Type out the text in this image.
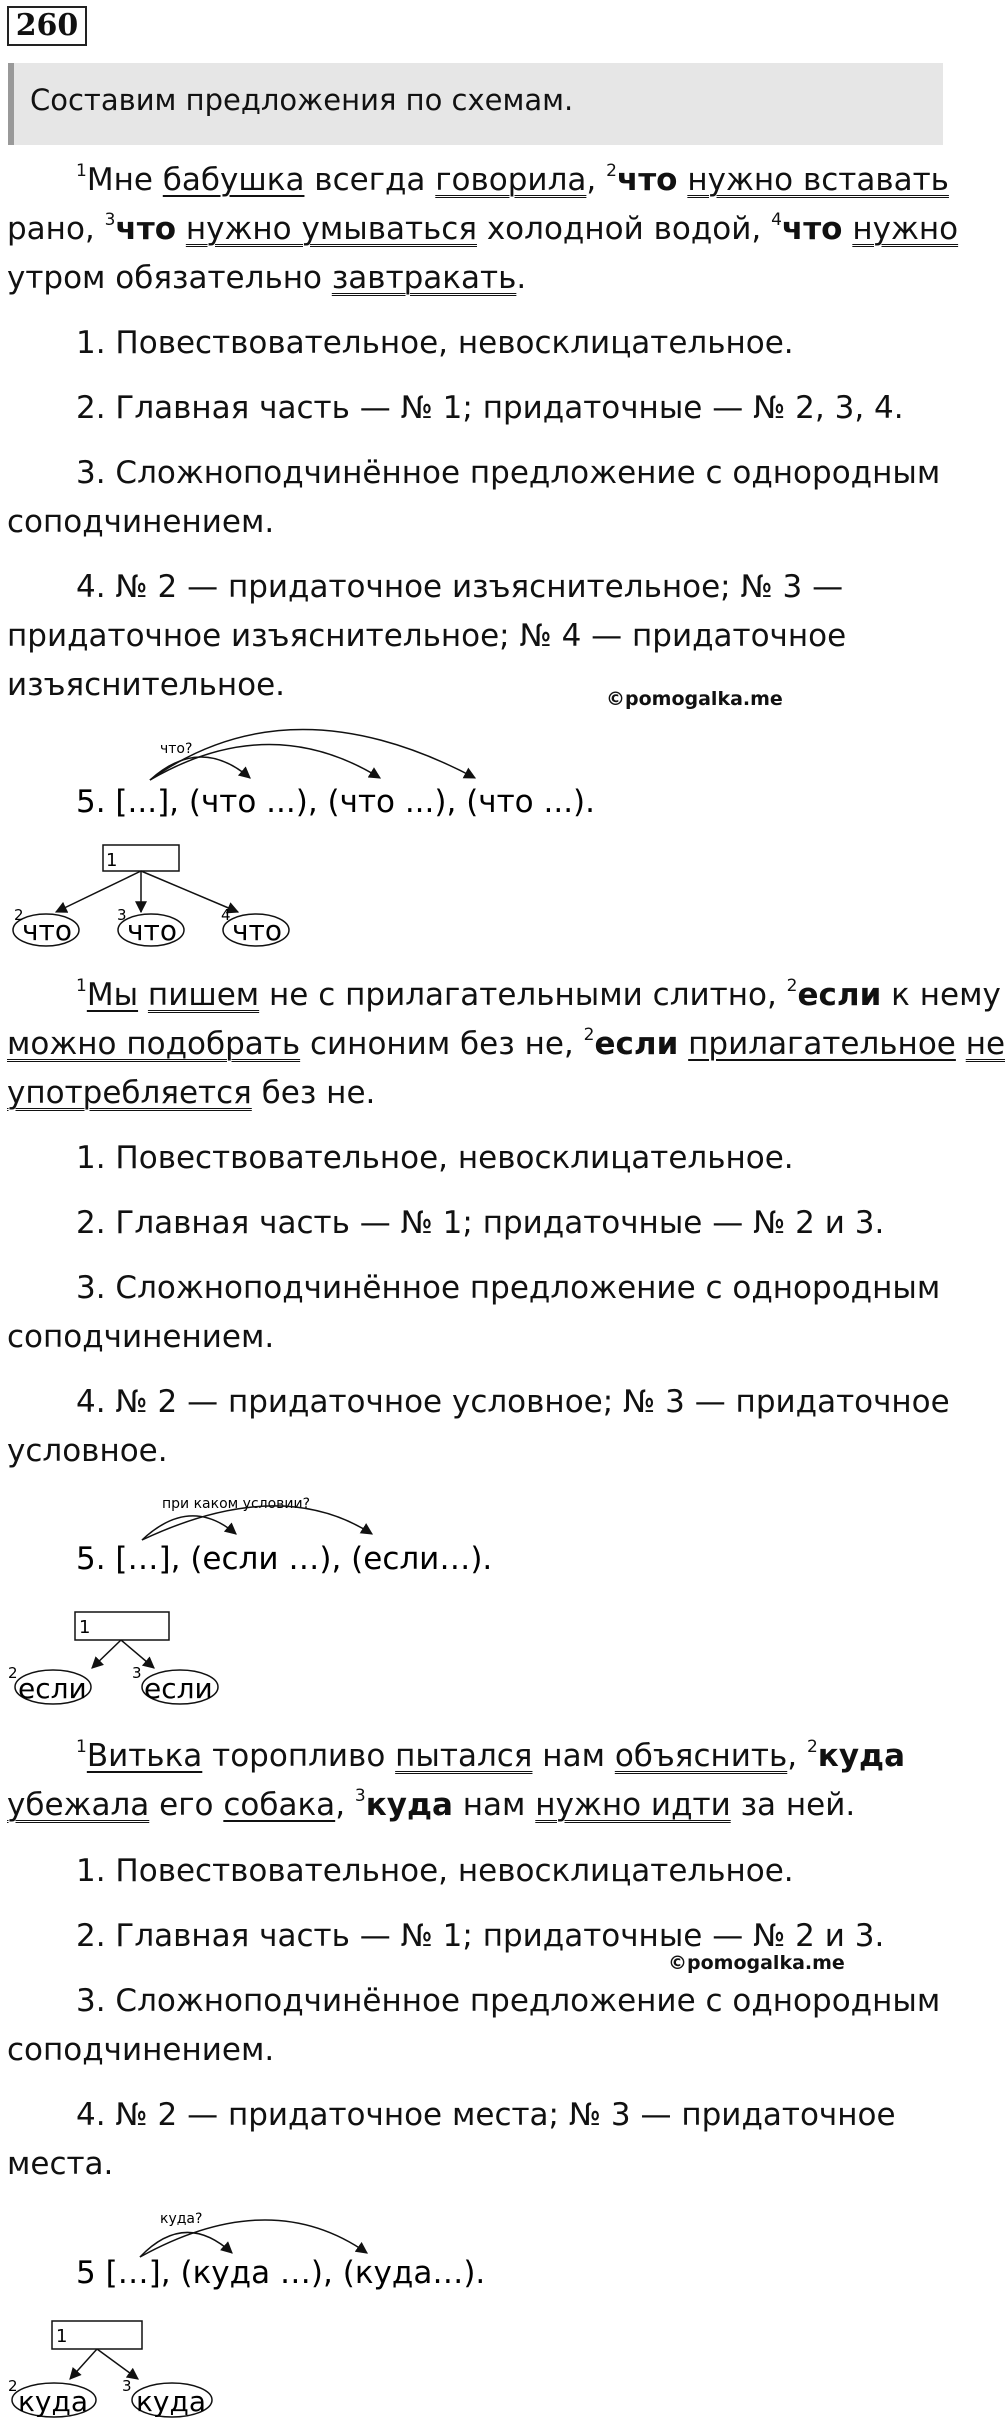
260
Составим предложения по схемам.
$^1$Мне бабушка всегда говорила, $^2$что нужно вставать
рано, $^3$что нужно умываться холодной водой, $^4$что нужно
утром обязательно завтракать.
1. Повествовательное, невосклицательное.
2. Главная часть — № 1; придаточные — № 2, 3, 4.
3. Сложноподчинённое предложение с однородным
соподчинением.
4. № 2 — придаточное изъяснительное; № 3 —
придаточное изъяснительное; № 4 — придаточное
изъяснительное.	©pomogalka.me
что?
5. [...], (что ...), (что ...), (что ...).
1
2
что	3 что	4 что
$^1$Мы пишем не с прилагательными слитно, $^2$если к нему
можно подобрать синоним без не, $^2$если прилагательное не
употребляется без не.
1. Повествовательное, невосклицательное.
2. Главная часть — № 1; придаточные — № 2 и 3.
3. Сложноподчинённое предложение с однородным
соподчинением.
4. № 2 — придаточное условное; № 3 — придаточное
условное.
при каком условии?
5. […], (если …), (если…).
1
2 если	3 если
$^1$Витька торопливо пытался нам объяснить, $^2$куда
убежала его собака, $^3$куда нам нужно идти за ней.
1. Повествовательное, невосклицательное.
2. Главная часть — № 1; придаточные — № 2 и 3.
©pomogalka.me
3. Сложноподчинённое предложение с однородным
соподчинением.
4. № 2 — придаточное места; № 3 — придаточное
места.
куда?
5 […], (куда …), (куда…).
1
2 куда 3 куда
